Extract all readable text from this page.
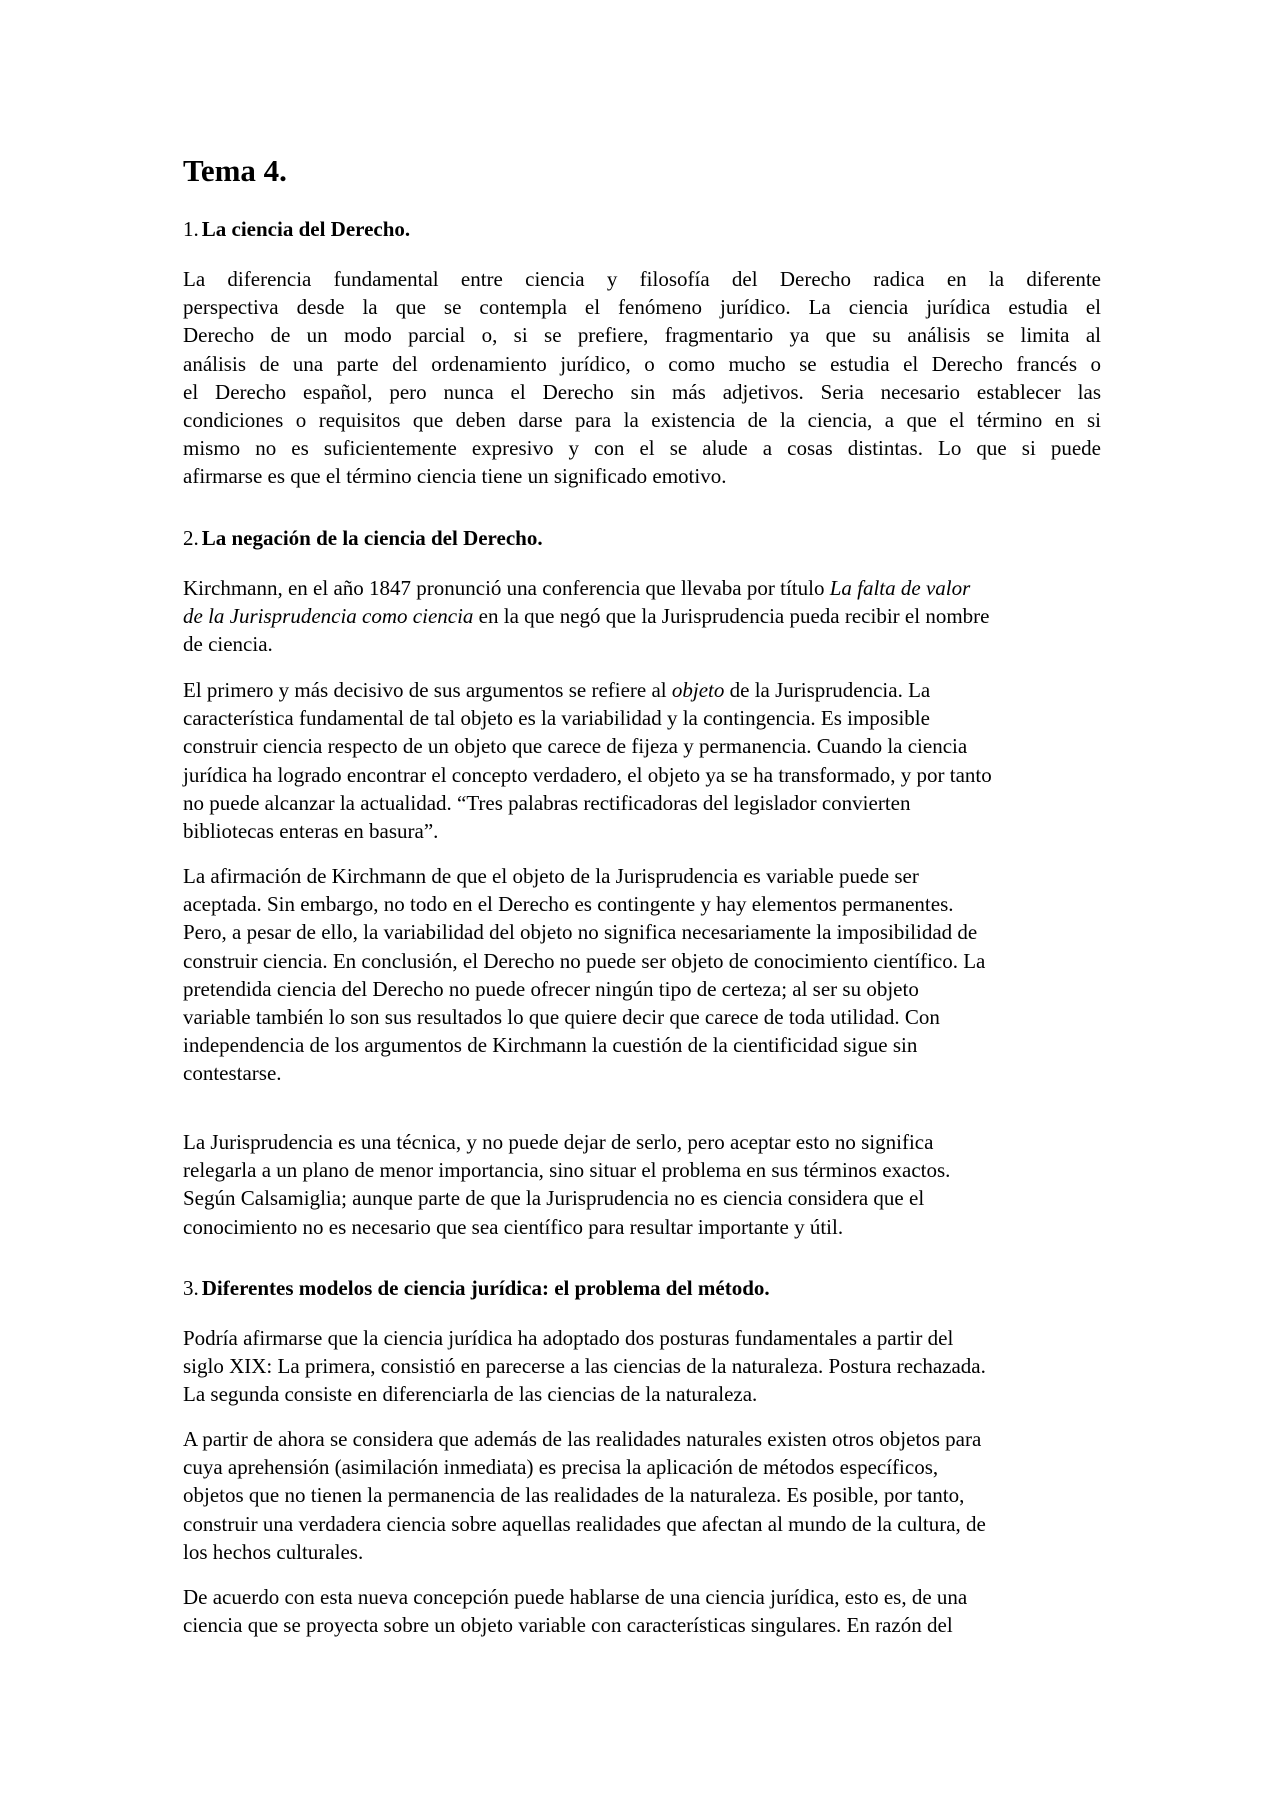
Tema 4.
1. La ciencia del Derecho.
La diferencia fundamental entre ciencia y filosofía del Derecho radica en la diferente
perspectiva desde la que se contempla el fenómeno jurídico. La ciencia jurídica estudia el
Derecho de un modo parcial o, si se prefiere, fragmentario ya que su análisis se limita al
análisis de una parte del ordenamiento jurídico, o como mucho se estudia el Derecho francés o
el Derecho español, pero nunca el Derecho sin más adjetivos. Seria necesario establecer las
condiciones o requisitos que deben darse para la existencia de la ciencia, a que el término en si
mismo no es suficientemente expresivo y con el se alude a cosas distintas. Lo que si puede
afirmarse es que el término ciencia tiene un significado emotivo.
2. La negación de la ciencia del Derecho.
Kirchmann, en el año 1847 pronunció una conferencia que llevaba por título La falta de valor
de la Jurisprudencia como ciencia en la que negó que la Jurisprudencia pueda recibir el nombre
de ciencia.
El primero y más decisivo de sus argumentos se refiere al objeto de la Jurisprudencia. La
característica fundamental de tal objeto es la variabilidad y la contingencia. Es imposible
construir ciencia respecto de un objeto que carece de fijeza y permanencia. Cuando la ciencia
jurídica ha logrado encontrar el concepto verdadero, el objeto ya se ha transformado, y por tanto
no puede alcanzar la actualidad. “Tres palabras rectificadoras del legislador convierten
bibliotecas enteras en basura”.
La afirmación de Kirchmann de que el objeto de la Jurisprudencia es variable puede ser
aceptada. Sin embargo, no todo en el Derecho es contingente y hay elementos permanentes.
Pero, a pesar de ello, la variabilidad del objeto no significa necesariamente la imposibilidad de
construir ciencia. En conclusión, el Derecho no puede ser objeto de conocimiento científico. La
pretendida ciencia del Derecho no puede ofrecer ningún tipo de certeza; al ser su objeto
variable también lo son sus resultados lo que quiere decir que carece de toda utilidad. Con
independencia de los argumentos de Kirchmann la cuestión de la cientificidad sigue sin
contestarse.
La Jurisprudencia es una técnica, y no puede dejar de serlo, pero aceptar esto no significa
relegarla a un plano de menor importancia, sino situar el problema en sus términos exactos.
Según Calsamiglia; aunque parte de que la Jurisprudencia no es ciencia considera que el
conocimiento no es necesario que sea científico para resultar importante y útil.
3. Diferentes modelos de ciencia jurídica: el problema del método.
Podría afirmarse que la ciencia jurídica ha adoptado dos posturas fundamentales a partir del
siglo XIX: La primera, consistió en parecerse a las ciencias de la naturaleza. Postura rechazada.
La segunda consiste en diferenciarla de las ciencias de la naturaleza.
A partir de ahora se considera que además de las realidades naturales existen otros objetos para
cuya aprehensión (asimilación inmediata) es precisa la aplicación de métodos específicos,
objetos que no tienen la permanencia de las realidades de la naturaleza. Es posible, por tanto,
construir una verdadera ciencia sobre aquellas realidades que afectan al mundo de la cultura, de
los hechos culturales.
De acuerdo con esta nueva concepción puede hablarse de una ciencia jurídica, esto es, de una
ciencia que se proyecta sobre un objeto variable con características singulares. En razón del
